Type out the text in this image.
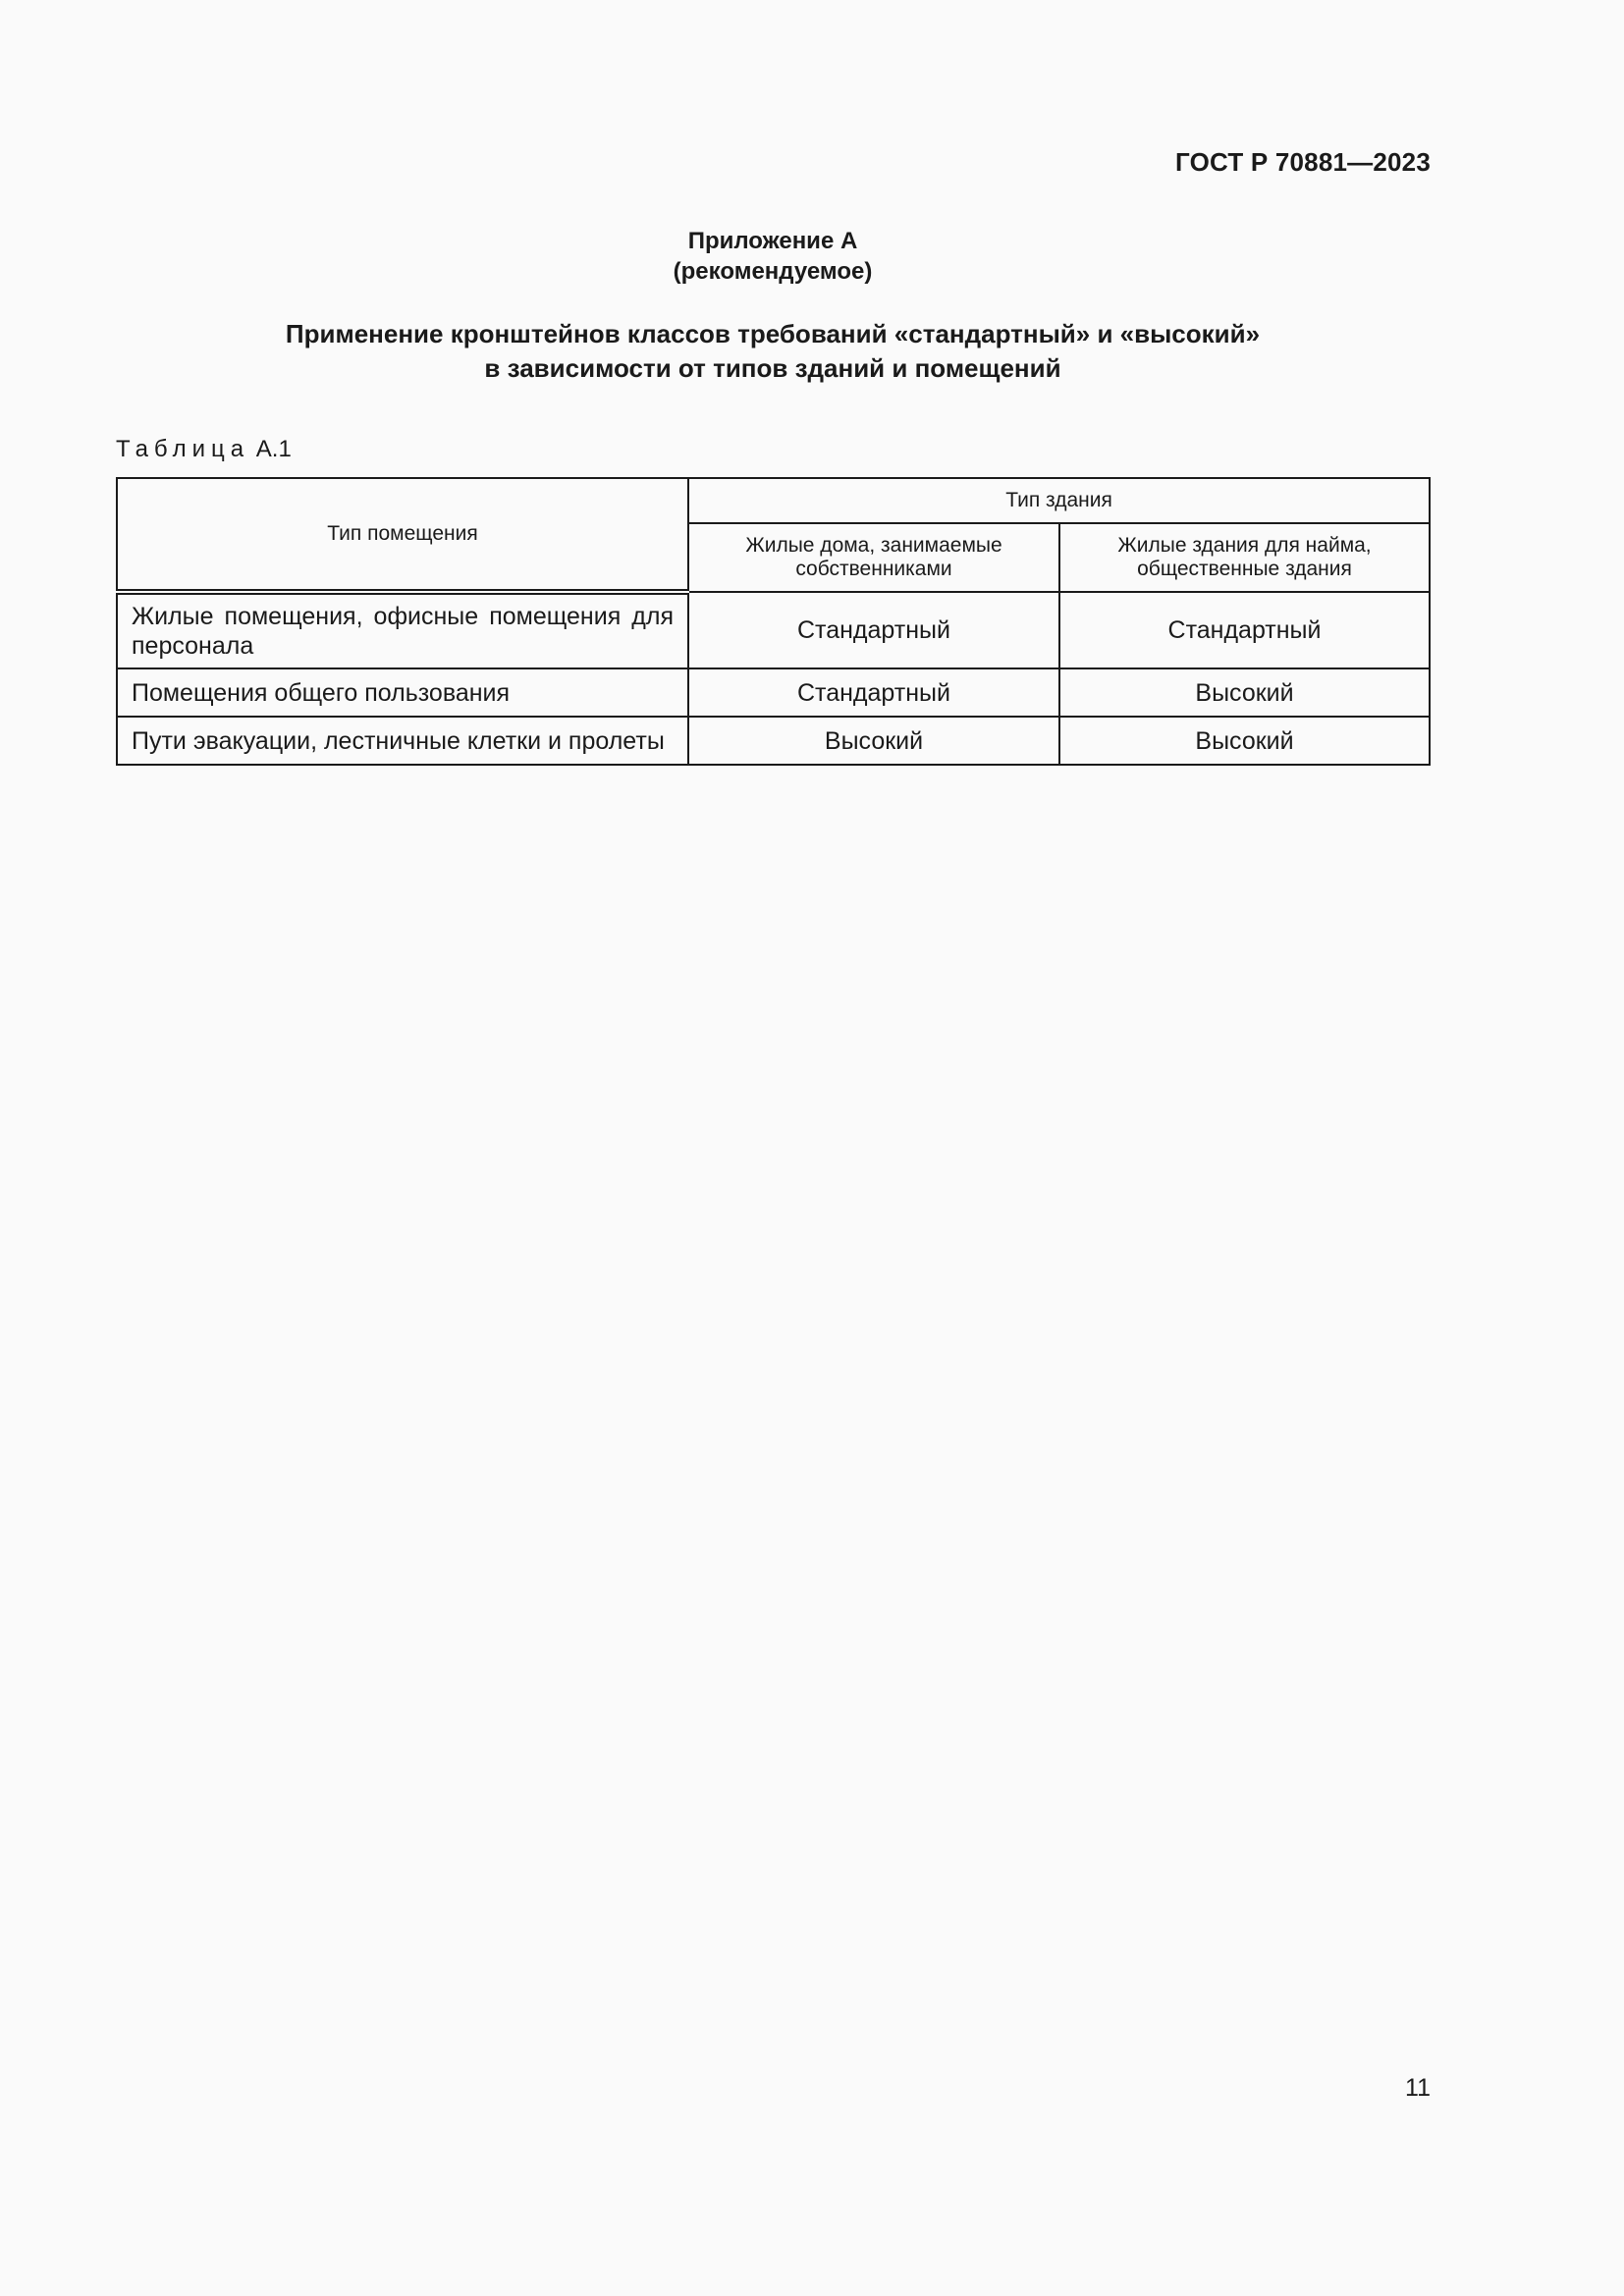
ГОСТ Р 70881—2023
Приложение А
(рекомендуемое)
Применение кронштейнов классов требований «стандартный» и «высокий»
в зависимости от типов зданий и помещений
Таблица А.1
Тип помещения	Тип здания	
	Жилые дома, занимаемые собственниками	Жилые здания для найма, общественные здания
Жилые помещения, офисные помещения для персонала	Стандартный	Стандартный
Помещения общего пользования	Стандартный	Высокий
Пути эвакуации, лестничные клетки и пролеты	Высокий	Высокий
11
